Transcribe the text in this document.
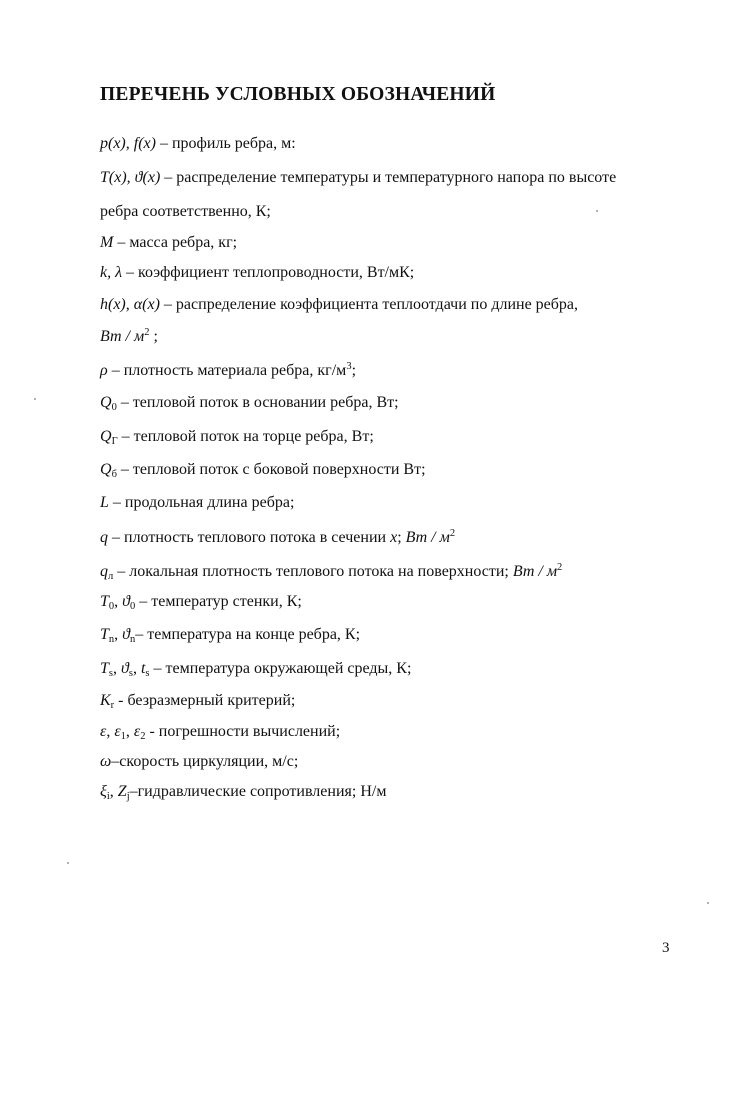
ПЕРЕЧЕНЬ УСЛОВНЫХ ОБОЗНАЧЕНИЙ
p(x), f(x) – профиль ребра, м:
T(x), ϑ(x) – распределение температуры и температурного напора по высоте
ребра соответственно, К;
M – масса ребра, кг;
k, λ – коэффициент теплопроводности, Вт/мК;
h(x), α(x) – распределение коэффициента теплоотдачи по длине ребра,
Вт / $м^2$ ;
ρ – плотность материала ребра, $кг/м^3$;
$Q_0$ – тепловой поток в основании ребра, Вт;
$Q_Г$ – тепловой поток на торце ребра, Вт;
$Q_б$ – тепловой поток с боковой поверхности Вт;
L – продольная длина ребра;
q – плотность теплового потока в сечении x; Вт / $м^2$
$q_л$ – локальная плотность теплового потока на поверхности; Вт / $м^2$
$T_0$, $ϑ_0$ – температур стенки, К;
$T_n$, $ϑ_n-$ температура на конце ребра, К;
$T_s$, $ϑ_s$, $t_s$ – температура окружающей среды, К;
$K_r$ - безразмерный критерий;
ε, $\varepsilon_1$, $\varepsilon_2$ - погрешности вычислений;
ω–скорость циркуляции, м/с;
$\xi_i$, $Z_j$–гидравлические сопротивления; Н/м
3
